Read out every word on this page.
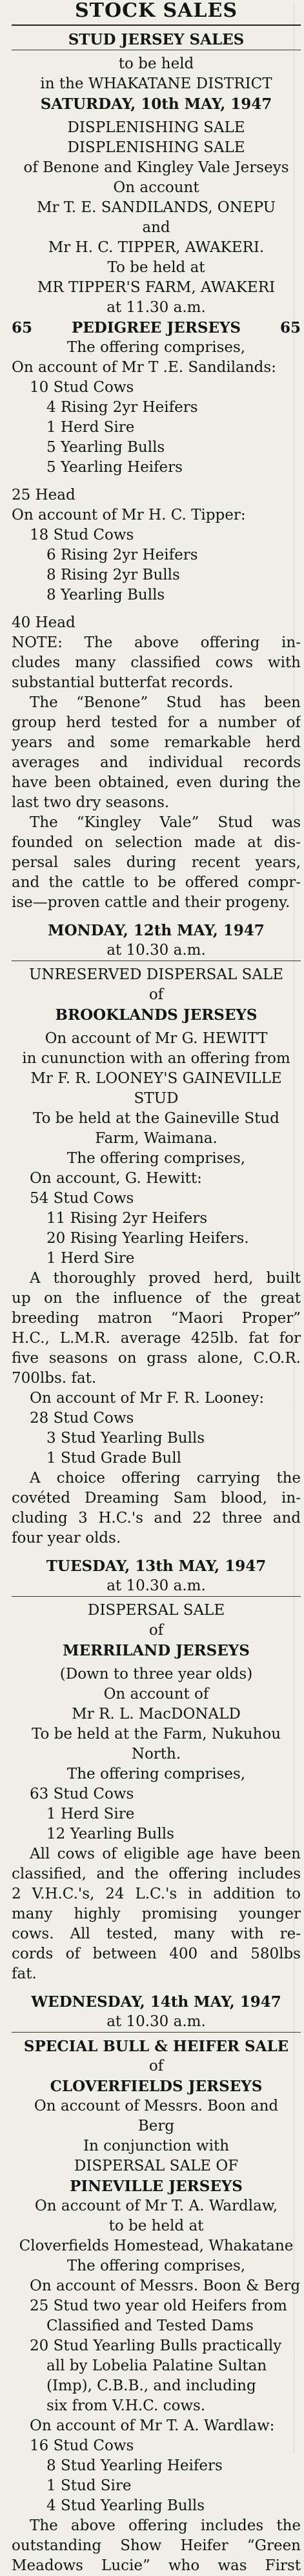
STOCK SALES
STUD JERSEY SALES
to be held
in the WHAKATANE DISTRICT
SATURDAY, 10th MAY, 1947
DISPLENISHING SALE
DISPLENISHING SALE
of Benone and Kingley Vale Jerseys
On account
Mr T. E. SANDILANDS, ONEPU
and
Mr H. C. TIPPER, AWAKERI.
To be held at
MR TIPPER'S FARM, AWAKERI
at 11.30 a.m.
65	PEDIGREE JERSEYS	65
The offering comprises,
On account of Mr T .E. Sandilands:
10 Stud Cows
4 Rising 2yr Heifers
1 Herd Sire
5 Yearling Bulls
5 Yearling Heifers
25 Head
On account of Mr H. C. Tipper:
18 Stud Cows
6 Rising 2yr Heifers
8 Rising 2yr Bulls
8 Yearling Bulls
40 Head
NOTE: The above offering in-
cludes many classified cows with
substantial butterfat records.
The “Benone” Stud has been
group herd tested for a number of
years and some remarkable herd
averages and individual records
have been obtained, even during the
last two dry seasons.
The “Kingley Vale” Stud was
founded on selection made at dis-
persal sales during recent years,
and the cattle to be offered compr-
ise—proven cattle and their progeny.
MONDAY, 12th MAY, 1947
at 10.30 a.m.
UNRESERVED DISPERSAL SALE
of
BROOKLANDS JERSEYS
On account of Mr G. HEWITT
in cununction with an offering from
Mr F. R. LOONEY'S GAINEVILLE
STUD
To be held at the Gaineville Stud
Farm, Waimana.
The offering comprises,
On account, G. Hewitt:
54 Stud Cows
11 Rising 2yr Heifers
20 Rising Yearling Heifers.
1 Herd Sire
A thoroughly proved herd, built
up on the influence of the great
breeding matron “Maori Proper”
H.C., L.M.R. average 425lb. fat for
five seasons on grass alone, C.O.R.
700lbs. fat.
On account of Mr F. R. Looney:
28 Stud Cows
3 Stud Yearling Bulls
1 Stud Grade Bull
A choice offering carrying the
covéted Dreaming Sam blood, in-
cluding 3 H.C.'s and 22 three and
four year olds.
TUESDAY, 13th MAY, 1947
at 10.30 a.m.
DISPERSAL SALE
of
MERRILAND JERSEYS
(Down to three year olds)
On account of
Mr R. L. MacDONALD
To be held at the Farm, Nukuhou
North.
The offering comprises,
63 Stud Cows
1 Herd Sire
12 Yearling Bulls
All cows of eligible age have been
classified, and the offering includes
2 V.H.C.'s, 24 L.C.'s in addition to
many highly promising younger
cows. All tested, many with re-
cords of between 400 and 580lbs
fat.
WEDNESDAY, 14th MAY, 1947
at 10.30 a.m.
SPECIAL BULL & HEIFER SALE
of
CLOVERFIELDS JERSEYS
On account of Messrs. Boon and
Berg
In conjunction with
DISPERSAL SALE OF
PINEVILLE JERSEYS
On account of Mr T. A. Wardlaw,
to be held at
Cloverfields Homestead, Whakatane
The offering comprises,
On account of Messrs. Boon & Berg
25 Stud two year old Heifers from
Classified and Tested Dams
20 Stud Yearling Bulls practically
all by Lobelia Palatine Sultan
(Imp), C.B.B., and including
six from V.H.C. cows.
On account of Mr T. A. Wardlaw:
16 Stud Cows
8 Stud Yearling Heifers
1 Stud Sire
4 Stud Yearling Bulls
The above offering includes the
outstanding Show Heifer “Green
Meadows Lucie” who was First
